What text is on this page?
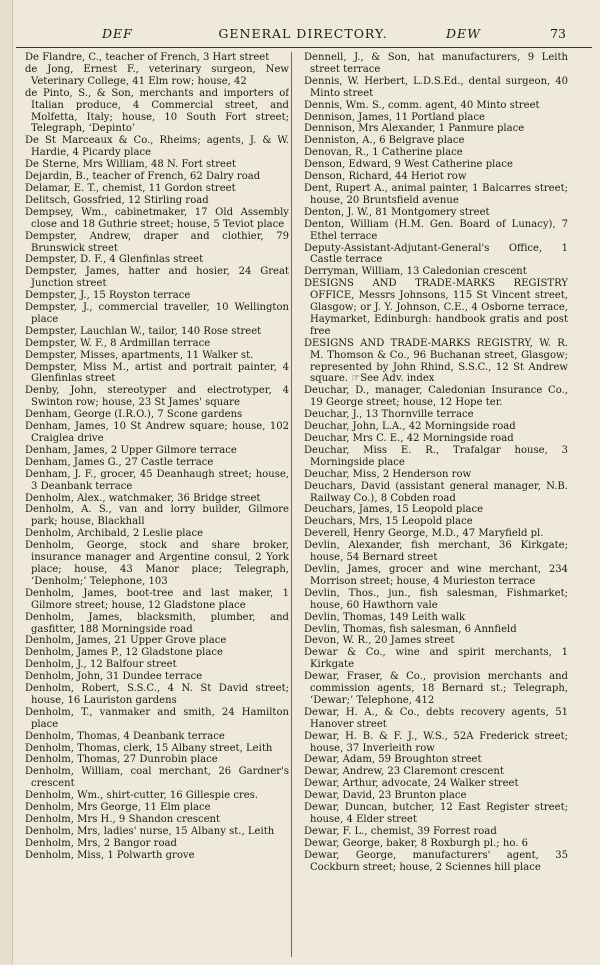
DEF	GENERAL DIRECTORY.	DEW	73
De Flandre, C., teacher of French, 3 Hart street
de Jong, Ernest F., veterinary surgeon, New Veterinary College, 41 Elm row; house, 42
de Pinto, S., & Son, merchants and importers of Italian produce, 4 Commercial street, and Molfetta, Italy; house, 10 South Fort street; Telegraph, ‘Depinto’
De St Marceaux & Co., Rheims; agents, J. & W. Hardie, 4 Picardy place
De Sterne, Mrs William, 48 N. Fort street
Dejardin, B., teacher of French, 62 Dalry road
Delamar, E. T., chemist, 11 Gordon street
Delitsch, Gossfried, 12 Stirling road
Dempsey, Wm., cabinetmaker, 17 Old Assembly close and 18 Guthrie street; house, 5 Teviot place
Dempster, Andrew, draper and clothier, 79 Brunswick street
Dempster, D. F., 4 Glenfinlas street
Dempster, James, hatter and hosier, 24 Great Junction street
Dempster, J., 15 Royston terrace
Dempster, J., commercial traveller, 10 Wellington place
Dempster, Lauchlan W., tailor, 140 Rose street
Dempster, W. F., 8 Ardmillan terrace
Dempster, Misses, apartments, 11 Walker st.
Dempster, Miss M., artist and portrait painter, 4 Glenfinlas street
Denby, John, stereotyper and electrotyper, 4 Swinton row; house, 23 St James' square
Denham, George (I.R.O.), 7 Scone gardens
Denham, James, 10 St Andrew square; house, 102 Craiglea drive
Denham, James, 2 Upper Gilmore terrace
Denham, James G., 27 Castle terrace
Denham, J. F., grocer, 45 Deanhaugh street; house, 3 Deanbank terrace
Denholm, Alex., watchmaker, 36 Bridge street
Denholm, A. S., van and lorry builder, Gilmore park; house, Blackhall
Denholm, Archibald, 2 Leslie place
Denholm, George, stock and share broker, insurance manager and Argentine consul, 2 York place; house, 43 Manor place; Telegraph, ‘Denholm;’ Telephone, 103
Denholm, James, boot-tree and last maker, 1 Gilmore street; house, 12 Gladstone place
Denholm, James, blacksmith, plumber, and gasfitter, 188 Morningside road
Denholm, James, 21 Upper Grove place
Denholm, James P., 12 Gladstone place
Denholm, J., 12 Balfour street
Denholm, John, 31 Dundee terrace
Denholm, Robert, S.S.C., 4 N. St David street; house, 16 Lauriston gardens
Denholm, T., vanmaker and smith, 24 Hamilton place
Denholm, Thomas, 4 Deanbank terrace
Denholm, Thomas, clerk, 15 Albany street, Leith
Denholm, Thomas, 27 Dunrobin place
Denholm, William, coal merchant, 26 Gardner's crescent
Denholm, Wm., shirt-cutter, 16 Gillespie cres.
Denholm, Mrs George, 11 Elm place
Denholm, Mrs H., 9 Shandon crescent
Denholm, Mrs, ladies' nurse, 15 Albany st., Leith
Denholm, Mrs, 2 Bangor road
Denholm, Miss, 1 Polwarth grove
Dennell, J., & Son, hat manufacturers, 9 Leith street terrace
Dennis, W. Herbert, L.D.S.Ed., dental surgeon, 40 Minto street
Dennis, Wm. S., comm. agent, 40 Minto street
Dennison, James, 11 Portland place
Dennison, Mrs Alexander, 1 Panmure place
Denniston, A., 6 Belgrave place
Denovan, R., 1 Catherine place
Denson, Edward, 9 West Catherine place
Denson, Richard, 44 Heriot row
Dent, Rupert A., animal painter, 1 Balcarres street; house, 20 Bruntsfield avenue
Denton, J. W., 81 Montgomery street
Denton, William (H.M. Gen. Board of Lunacy), 7 Ethel terrace
Deputy-Assistant-Adjutant-General's Office, 1 Castle terrace
Derryman, William, 13 Caledonian crescent
DESIGNS AND TRADE-MARKS REGISTRY OFFICE, Messrs Johnsons, 115 St Vincent street, Glasgow; or J. Y. Johnson, C.E., 4 Osborne terrace, Haymarket, Edinburgh: handbook gratis and post free
DESIGNS AND TRADE-MARKS REGISTRY, W. R. M. Thomson & Co., 96 Buchanan street, Glasgow; represented by John Rhind, S.S.C., 12 St Andrew square. ☞See Adv. index
Deuchar, D., manager, Caledonian Insurance Co., 19 George street; house, 12 Hope ter.
Deuchar, J., 13 Thornville terrace
Deuchar, John, L.A., 42 Morningside road
Deuchar, Mrs C. E., 42 Morningside road
Deuchar, Miss E. R., Trafalgar house, 3 Morningside place
Deuchar, Miss, 2 Henderson row
Deuchars, David (assistant general manager, N.B. Railway Co.), 8 Cobden road
Deuchars, James, 15 Leopold place
Deuchars, Mrs, 15 Leopold place
Deverell, Henry George, M.D., 47 Maryfield pl.
Devlin, Alexander, fish merchant, 36 Kirkgate; house, 54 Bernard street
Devlin, James, grocer and wine merchant, 234 Morrison street; house, 4 Murieston terrace
Devlin, Thos., jun., fish salesman, Fishmarket; house, 60 Hawthorn vale
Devlin, Thomas, 149 Leith walk
Devlin, Thomas, fish salesman, 6 Annfield
Devon, W. R., 20 James street
Dewar & Co., wine and spirit merchants, 1 Kirkgate
Dewar, Fraser, & Co., provision merchants and commission agents, 18 Bernard st.; Telegraph, ‘Dewar;’ Telephone, 412
Dewar, H. A., & Co., debts recovery agents, 51 Hanover street
Dewar, H. B. & F. J., W.S., 52A Frederick street; house, 37 Inverleith row
Dewar, Adam, 59 Broughton street
Dewar, Andrew, 23 Claremont crescent
Dewar, Arthur, advocate, 24 Walker street
Dewar, David, 23 Brunton place
Dewar, Duncan, butcher, 12 East Register street; house, 4 Elder street
Dewar, F. L., chemist, 39 Forrest road
Dewar, George, baker, 8 Roxburgh pl.; ho. 6
Dewar, George, manufacturers' agent, 35 Cockburn street; house, 2 Sciennes hill place
